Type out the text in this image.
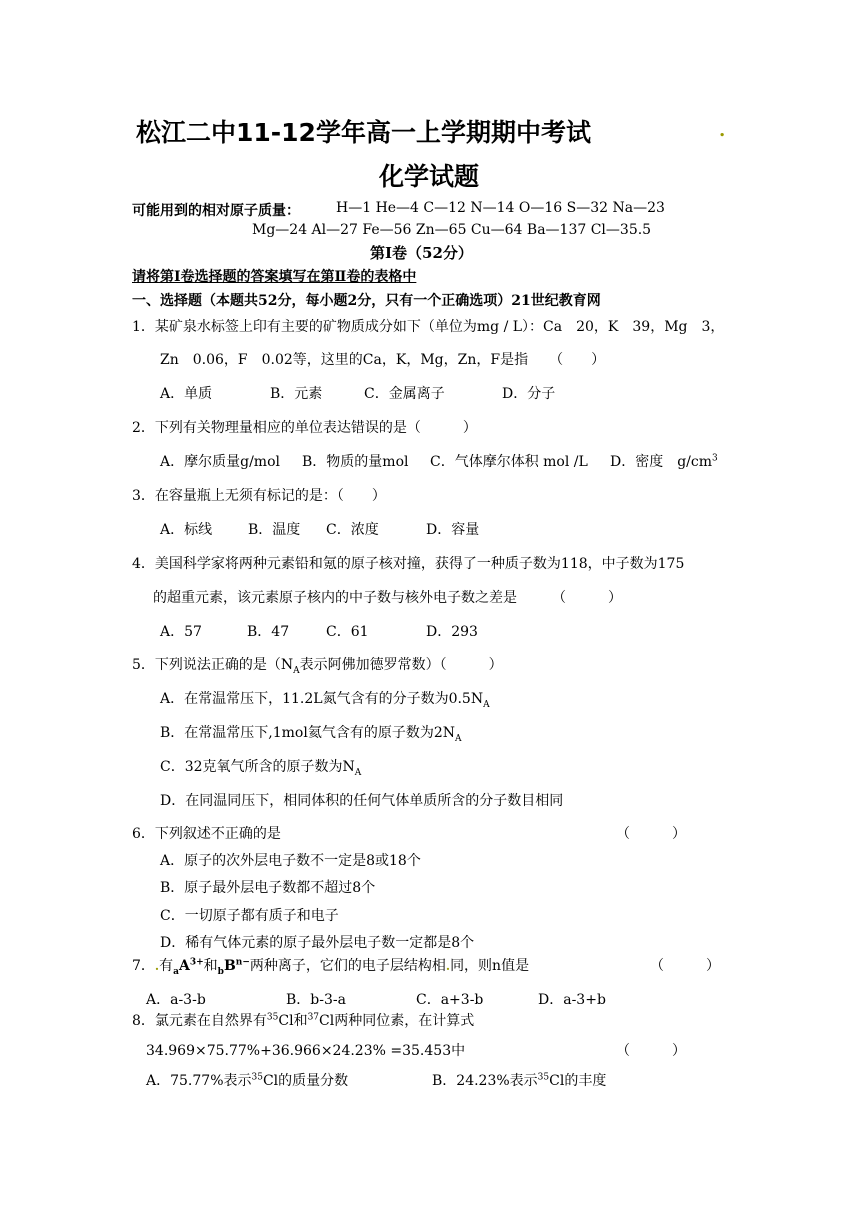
松江二中11-12学年高一上学期期中考试	.
化学试题
可能用到的相对原子质量：	H—1 He—4 C—12 N—14 O—16 S—32 Na—23
Mg—24 Al—27 Fe—56 Zn—65 Cu—64 Ba—137 Cl—35.5
第Ⅰ卷（52分）
请将第Ⅰ卷选择题的答案填写在第Ⅱ卷的表格中
一、选择题（本题共52分，每小题2分，只有一个正确选项）21世纪教育网
1．某矿泉水标签上印有主要的矿物质成分如下（单位为mg / L）：Ca　20，K　39，Mg　3，
Zn　0.06，F　0.02等，这里的Ca，K，Mg，Zn，F是指　　（　　）
A．单质	B．元素	C．金属离子	D．分子
2．下列有关物理量相应的单位表达错误的是（　　　）
A．摩尔质量g/mol B．物质的量mol C．气体摩尔体积 mol /L D．密度　$g/cm^3$
3．在容量瓶上无须有标记的是：（　　）
A．标线	B．温度 C．浓度	D．容量
4．美国科学家将两种元素铅和氪的原子核对撞，获得了一种质子数为118，中子数为175
的超重元素，该元素原子核内的中子数与核外电子数之差是　　　（　　　）
A．57	B．47	C．61	D．293
5．下列说法正确的是（$N_A$表示阿佛加德罗常数）（　　　）
A．在常温常压下，11.2L氮气含有的分子数为$0.5N_A$
B．在常温常压下,1mol氦气含有的原子数为$2N_A$
C．32克氧气所含的原子数为$N_A$
D．在同温同压下，相同体积的任何气体单质所含的分子数目相同
6．下列叙述不正确的是	（　　　）
A．原子的次外层电子数不一定是8或18个
B．原子最外层电子数都不超过8个
C．一切原子都有质子和电子
D．稀有气体元素的原子最外层电子数一定都是8个
7．.有$_aA^{3+}$和$_bB^{n-}$两种离子，它们的电子层结构相.同，则n值是	（　　　）
A．a-3-b	B．b-3-a	C．a+3-b	D．a-3+b
8．氯元素在自然界有$^{35}$Cl和$^{37}$Cl两种同位素，在计算式
34.969×75.77%+36.966×24.23% =35.453中	（　　　）
A．75.77%表示$^{35}$Cl的质量分数	B．24.23%表示$^{35}$Cl的丰度
